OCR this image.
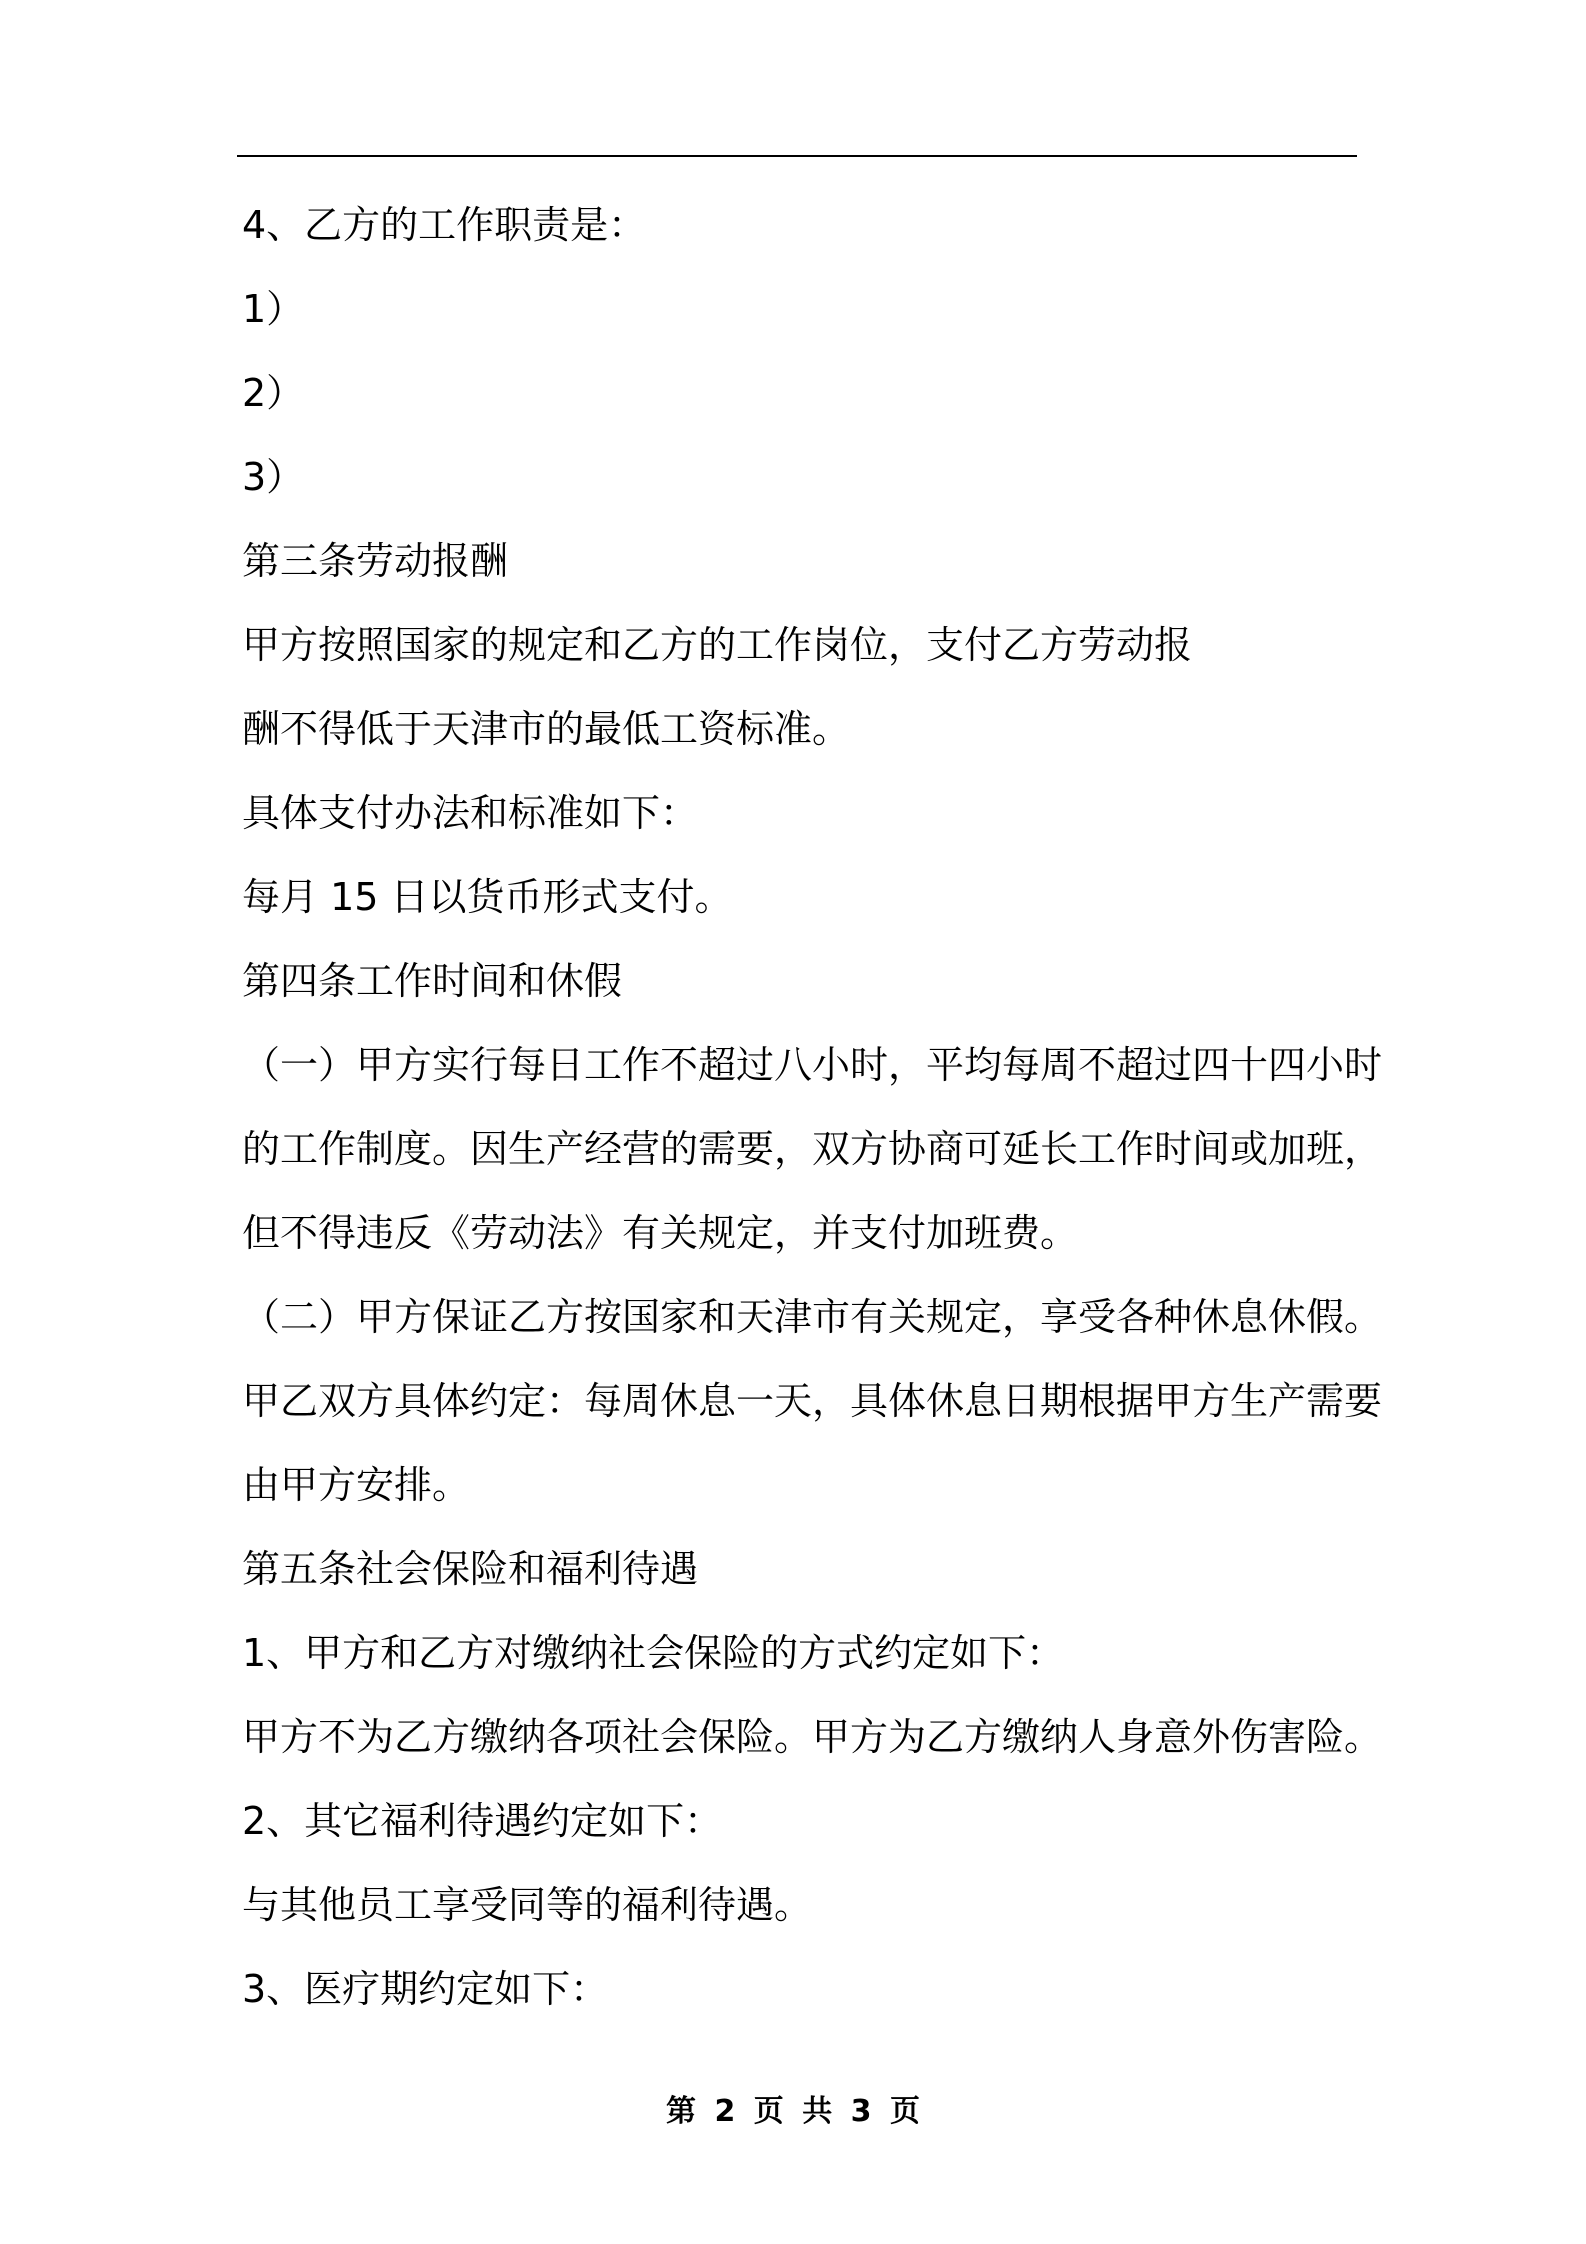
4、乙方的工作职责是：
1）
2）
3）
第三条劳动报酬
甲方按照国家的规定和乙方的工作岗位，支付乙方劳动报
酬不得低于天津市的最低工资标准。
具体支付办法和标准如下：
每月 15 日以货币形式支付。
第四条工作时间和休假
（一）甲方实行每日工作不超过八小时，平均每周不超过四十四小时
的工作制度。因生产经营的需要，双方协商可延长工作时间或加班，
但不得违反《劳动法》有关规定，并支付加班费。
（二）甲方保证乙方按国家和天津市有关规定，享受各种休息休假。
甲乙双方具体约定：每周休息一天，具体休息日期根据甲方生产需要
由甲方安排。
第五条社会保险和福利待遇
1、甲方和乙方对缴纳社会保险的方式约定如下：
甲方不为乙方缴纳各项社会保险。甲方为乙方缴纳人身意外伤害险。
2、其它福利待遇约定如下：
与其他员工享受同等的福利待遇。
3、医疗期约定如下：
第 2 页 共 3 页
